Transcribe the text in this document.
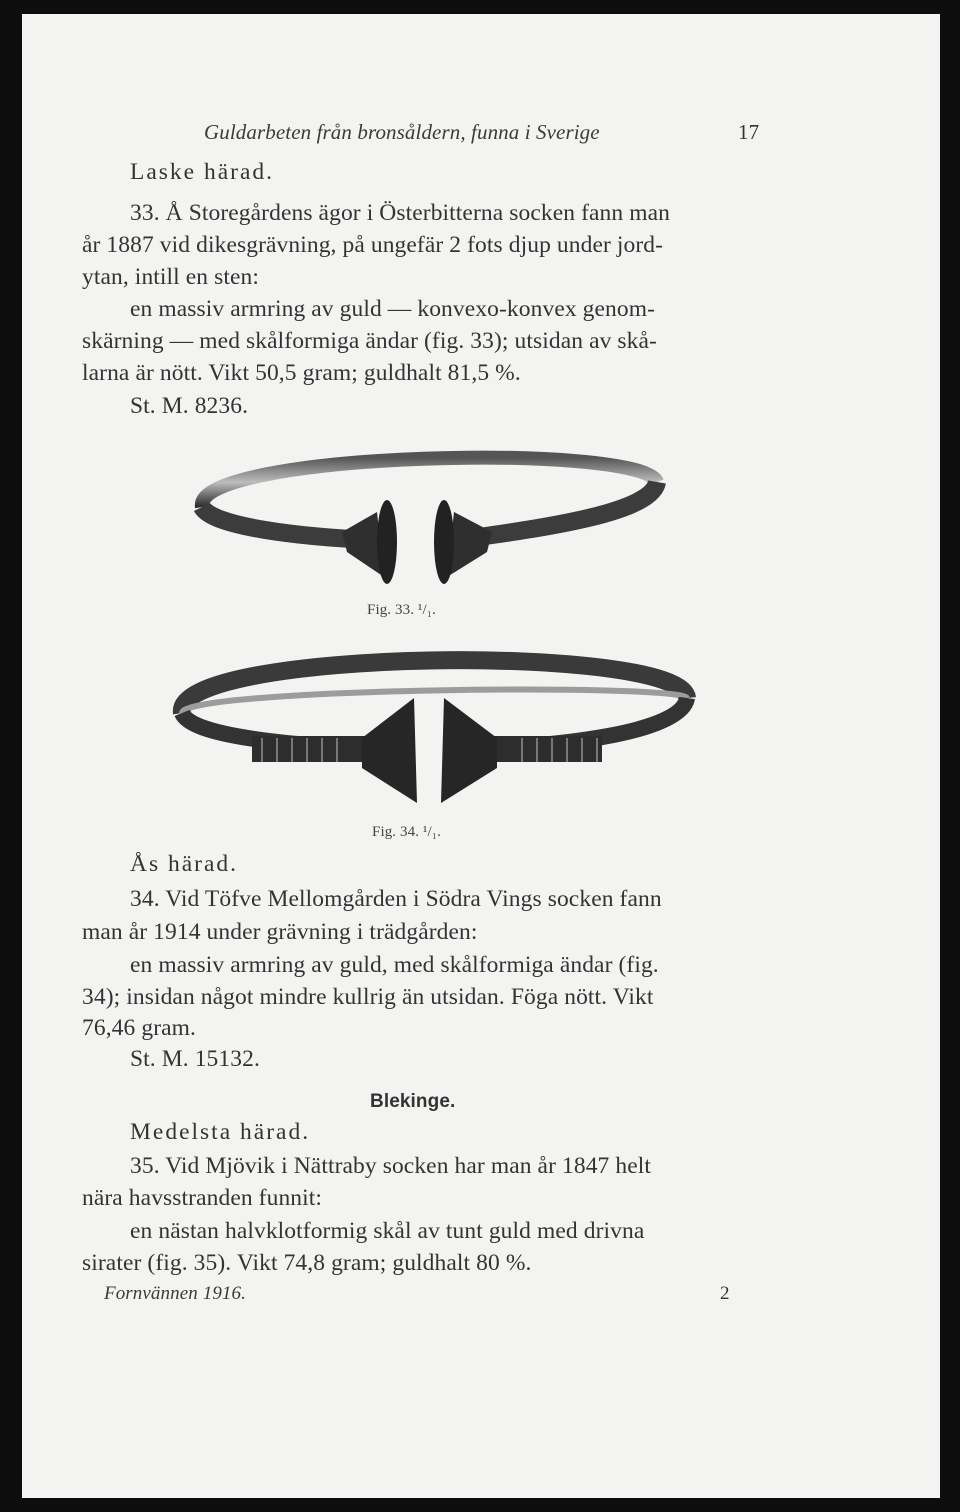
Guldarbeten från bronsåldern, funna i Sverige	17
Laske härad.
33. Å Storegårdens ägor i Österbitterna socken fann man
år 1887 vid dikesgrävning, på ungefär 2 fots djup under jord-
ytan, intill en sten:
en massiv armring av guld — konvexo-konvex genom-
skärning — med skålformiga ändar (fig. 33); utsidan av skå-
larna är nött. Vikt 50,5 gram; guldhalt 81,5 %.
St. M. 8236.
Fig. 33. ¹/₁.
Fig. 34. ¹/₁.
Ås härad.
34. Vid Töfve Mellomgården i Södra Vings socken fann
man år 1914 under grävning i trädgården:
en massiv armring av guld, med skålformiga ändar (fig.
34); insidan något mindre kullrig än utsidan. Föga nött. Vikt
76,46 gram.
St. M. 15132.
Blekinge.
Medelsta härad.
35. Vid Mjövik i Nättraby socken har man år 1847 helt
nära havsstranden funnit:
en nästan halvklotformig skål av tunt guld med drivna
sirater (fig. 35). Vikt 74,8 gram; guldhalt 80 %.
Fornvännen 1916.	2
